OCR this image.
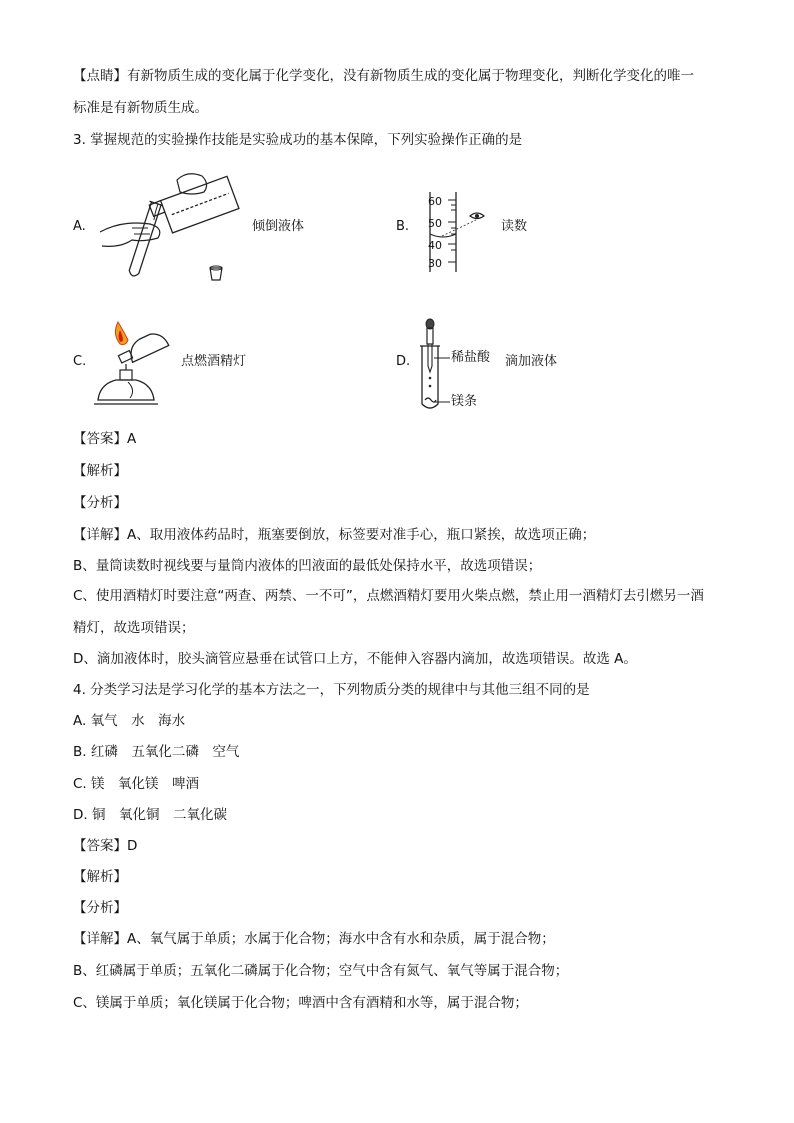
【点睛】有新物质生成的变化属于化学变化，没有新物质生成的变化属于物理变化，判断化学变化的唯一
标准是有新物质生成。
3. 掌握规范的实验操作技能是实验成功的基本保障，下列实验操作正确的是
A.	倾倒液体	B.
60
50
40
30
读数
C.	点燃酒精灯	D.	稀盐酸
镁条
滴加液体
【答案】A
【解析】
【分析】
【详解】A、取用液体药品时，瓶塞要倒放，标签要对准手心，瓶口紧挨，故选项正确；
B、量筒读数时视线要与量筒内液体的凹液面的最低处保持水平，故选项错误；
C、使用酒精灯时要注意“两查、两禁、一不可”，点燃酒精灯要用火柴点燃，禁止用一酒精灯去引燃另一酒
精灯，故选项错误；
D、滴加液体时，胶头滴管应悬垂在试管口上方，不能伸入容器内滴加，故选项错误。故选 A。
4. 分类学习法是学习化学的基本方法之一，下列物质分类的规律中与其他三组不同的是
A. 氧气　水　海水
B. 红磷　五氧化二磷　空气
C. 镁　氧化镁　啤酒
D. 铜　氧化铜　二氧化碳
【答案】D
【解析】
【分析】
【详解】A、氧气属于单质；水属于化合物；海水中含有水和杂质，属于混合物；
B、红磷属于单质；五氧化二磷属于化合物；空气中含有氮气、氧气等属于混合物；
C、镁属于单质；氧化镁属于化合物；啤酒中含有酒精和水等，属于混合物；
